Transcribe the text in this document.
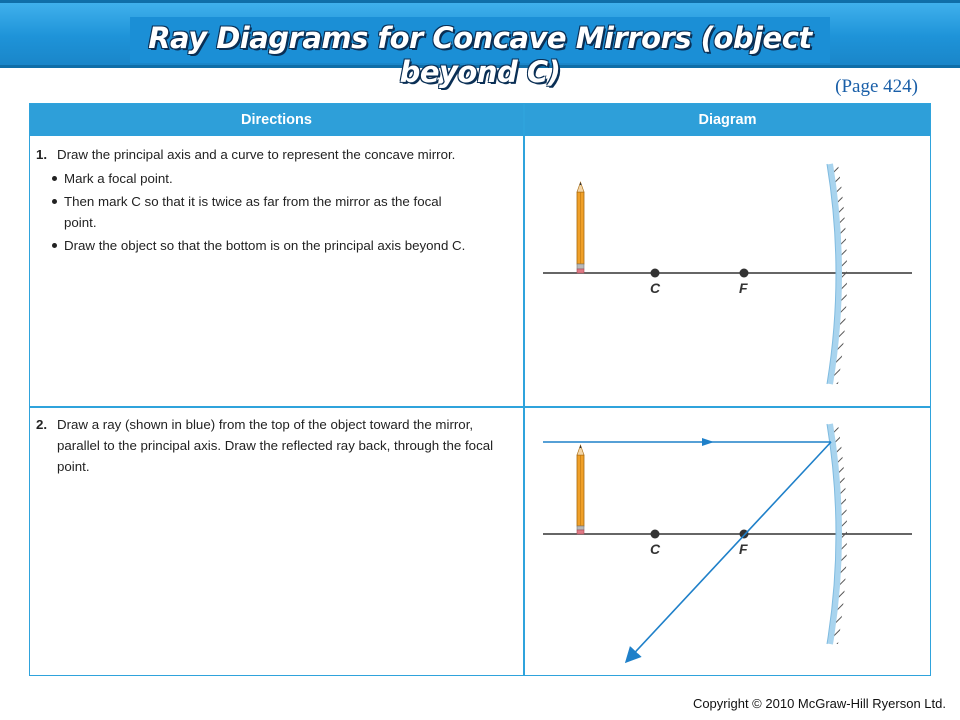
Ray Diagrams for Concave Mirrors (object beyond C)	(Page 424)
Directions	Diagram
1. Draw the principal axis and a curve to represent the concave mirror.
Mark a focal point.
Then mark C so that it is twice as far from the mirror as the focal point.
Draw the object so that the bottom is on the principal axis beyond C.
2. Draw a ray (shown in blue) from the top of the object toward the mirror, parallel to the principal axis. Draw the reflected ray back, through the focal point.
C	F
C	F
Copyright © 2010 McGraw-Hill Ryerson Ltd.
